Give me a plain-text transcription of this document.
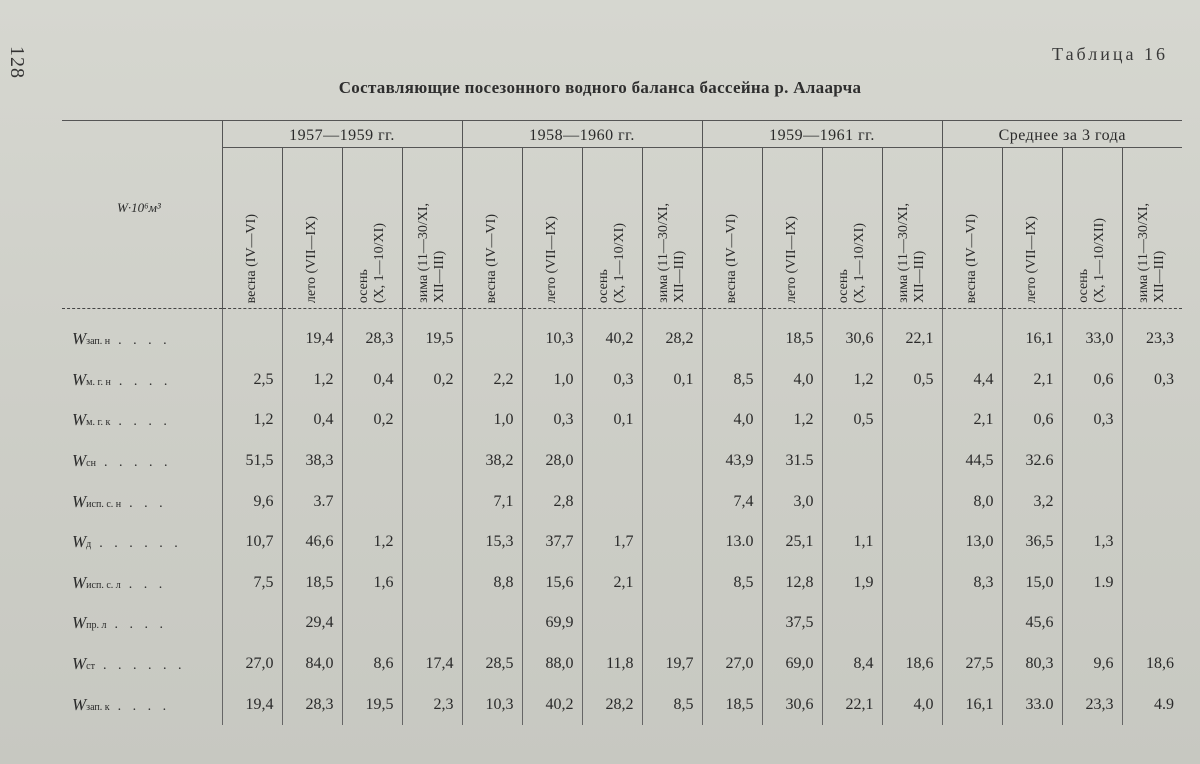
128	Таблица 16
Составляющие посезонного водного баланса бассейна р. Алаарча

	1957—1959 гг.				1958—1960 гг.				1959—1961 гг.				Среднее за 3 года			

W·10⁶м³	весна (IV—VI)	лето (VII—IX)	осень
(X, 1—10/XI)	зима (11—30/XI,
XII—III)	весна (IV—VI)	лето (VII—IX)	осень
(X, 1—10/XI)	зима (11—30/XI,
XII—III)	весна (IV—VI)	лето (VII—IX)	осень
(X, 1—10/XI)	зима (11—30/XI,
XII—III)	весна (IV—VI)	лето (VII—IX)	осень
(X, 1—10/XII)	зима (11—30/XI,
XII—III)

Wзап. н . . . .		19,4	28,3	19,5		10,3	40,2	28,2		18,5	30,6	22,1		16,1	33,0	23,3
Wм. г. н . . . .	2,5	1,2	0,4	0,2	2,2	1,0	0,3	0,1	8,5	4,0	1,2	0,5	4,4	2,1	0,6	0,3
Wм. г. к . . . .	1,2	0,4	0,2		1,0	0,3	0,1		4,0	1,2	0,5		2,1	0,6	0,3	
Wсн . . . . .	51,5	38,3			38,2	28,0			43,9	31.5			44,5	32.6		
Wисп. с. н . . .	9,6	3.7			7,1	2,8			7,4	3,0			8,0	3,2		
Wд . . . . . .	10,7	46,6	1,2		15,3	37,7	1,7		13.0	25,1	1,1		13,0	36,5	1,3	
Wисп. с. л . . .	7,5	18,5	1,6		8,8	15,6	2,1		8,5	12,8	1,9		8,3	15,0	1.9	
Wпр. л . . . .		29,4				69,9				37,5				45,6		
Wст . . . . . .	27,0	84,0	8,6	17,4	28,5	88,0	11,8	19,7	27,0	69,0	8,4	18,6	27,5	80,3	9,6	18,6
Wзап. к . . . .	19,4	28,3	19,5	2,3	10,3	40,2	28,2	8,5	18,5	30,6	22,1	4,0	16,1	33.0	23,3	4.9
